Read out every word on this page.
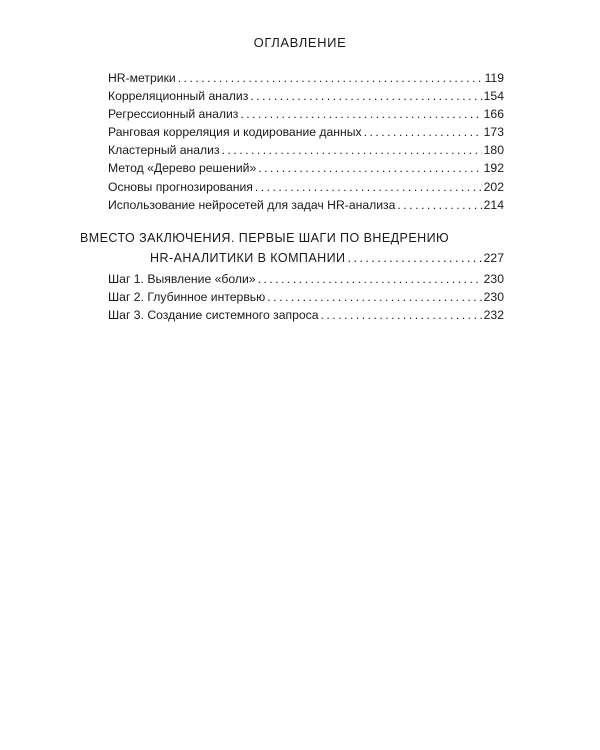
ОГЛАВЛЕНИЕ
HR-метрики .....	119
Корреляционный анализ .....	154
Регрессионный анализ .....	166
Ранговая корреляция и кодирование данных .....	173
Кластерный анализ .....	180
Метод «Дерево решений» .....	192
Основы прогнозирования .....	202
Использование нейросетей для задач HR-анализа .....	214
ВМЕСТО ЗАКЛЮЧЕНИЯ. ПЕРВЫЕ ШАГИ ПО ВНЕДРЕНИЮ
HR-АНАЛИТИКИ В КОМПАНИИ .....	227
Шаг 1. Выявление «боли» .....	230
Шаг 2. Глубинное интервью .....	230
Шаг 3. Создание системного запроса .....	232
